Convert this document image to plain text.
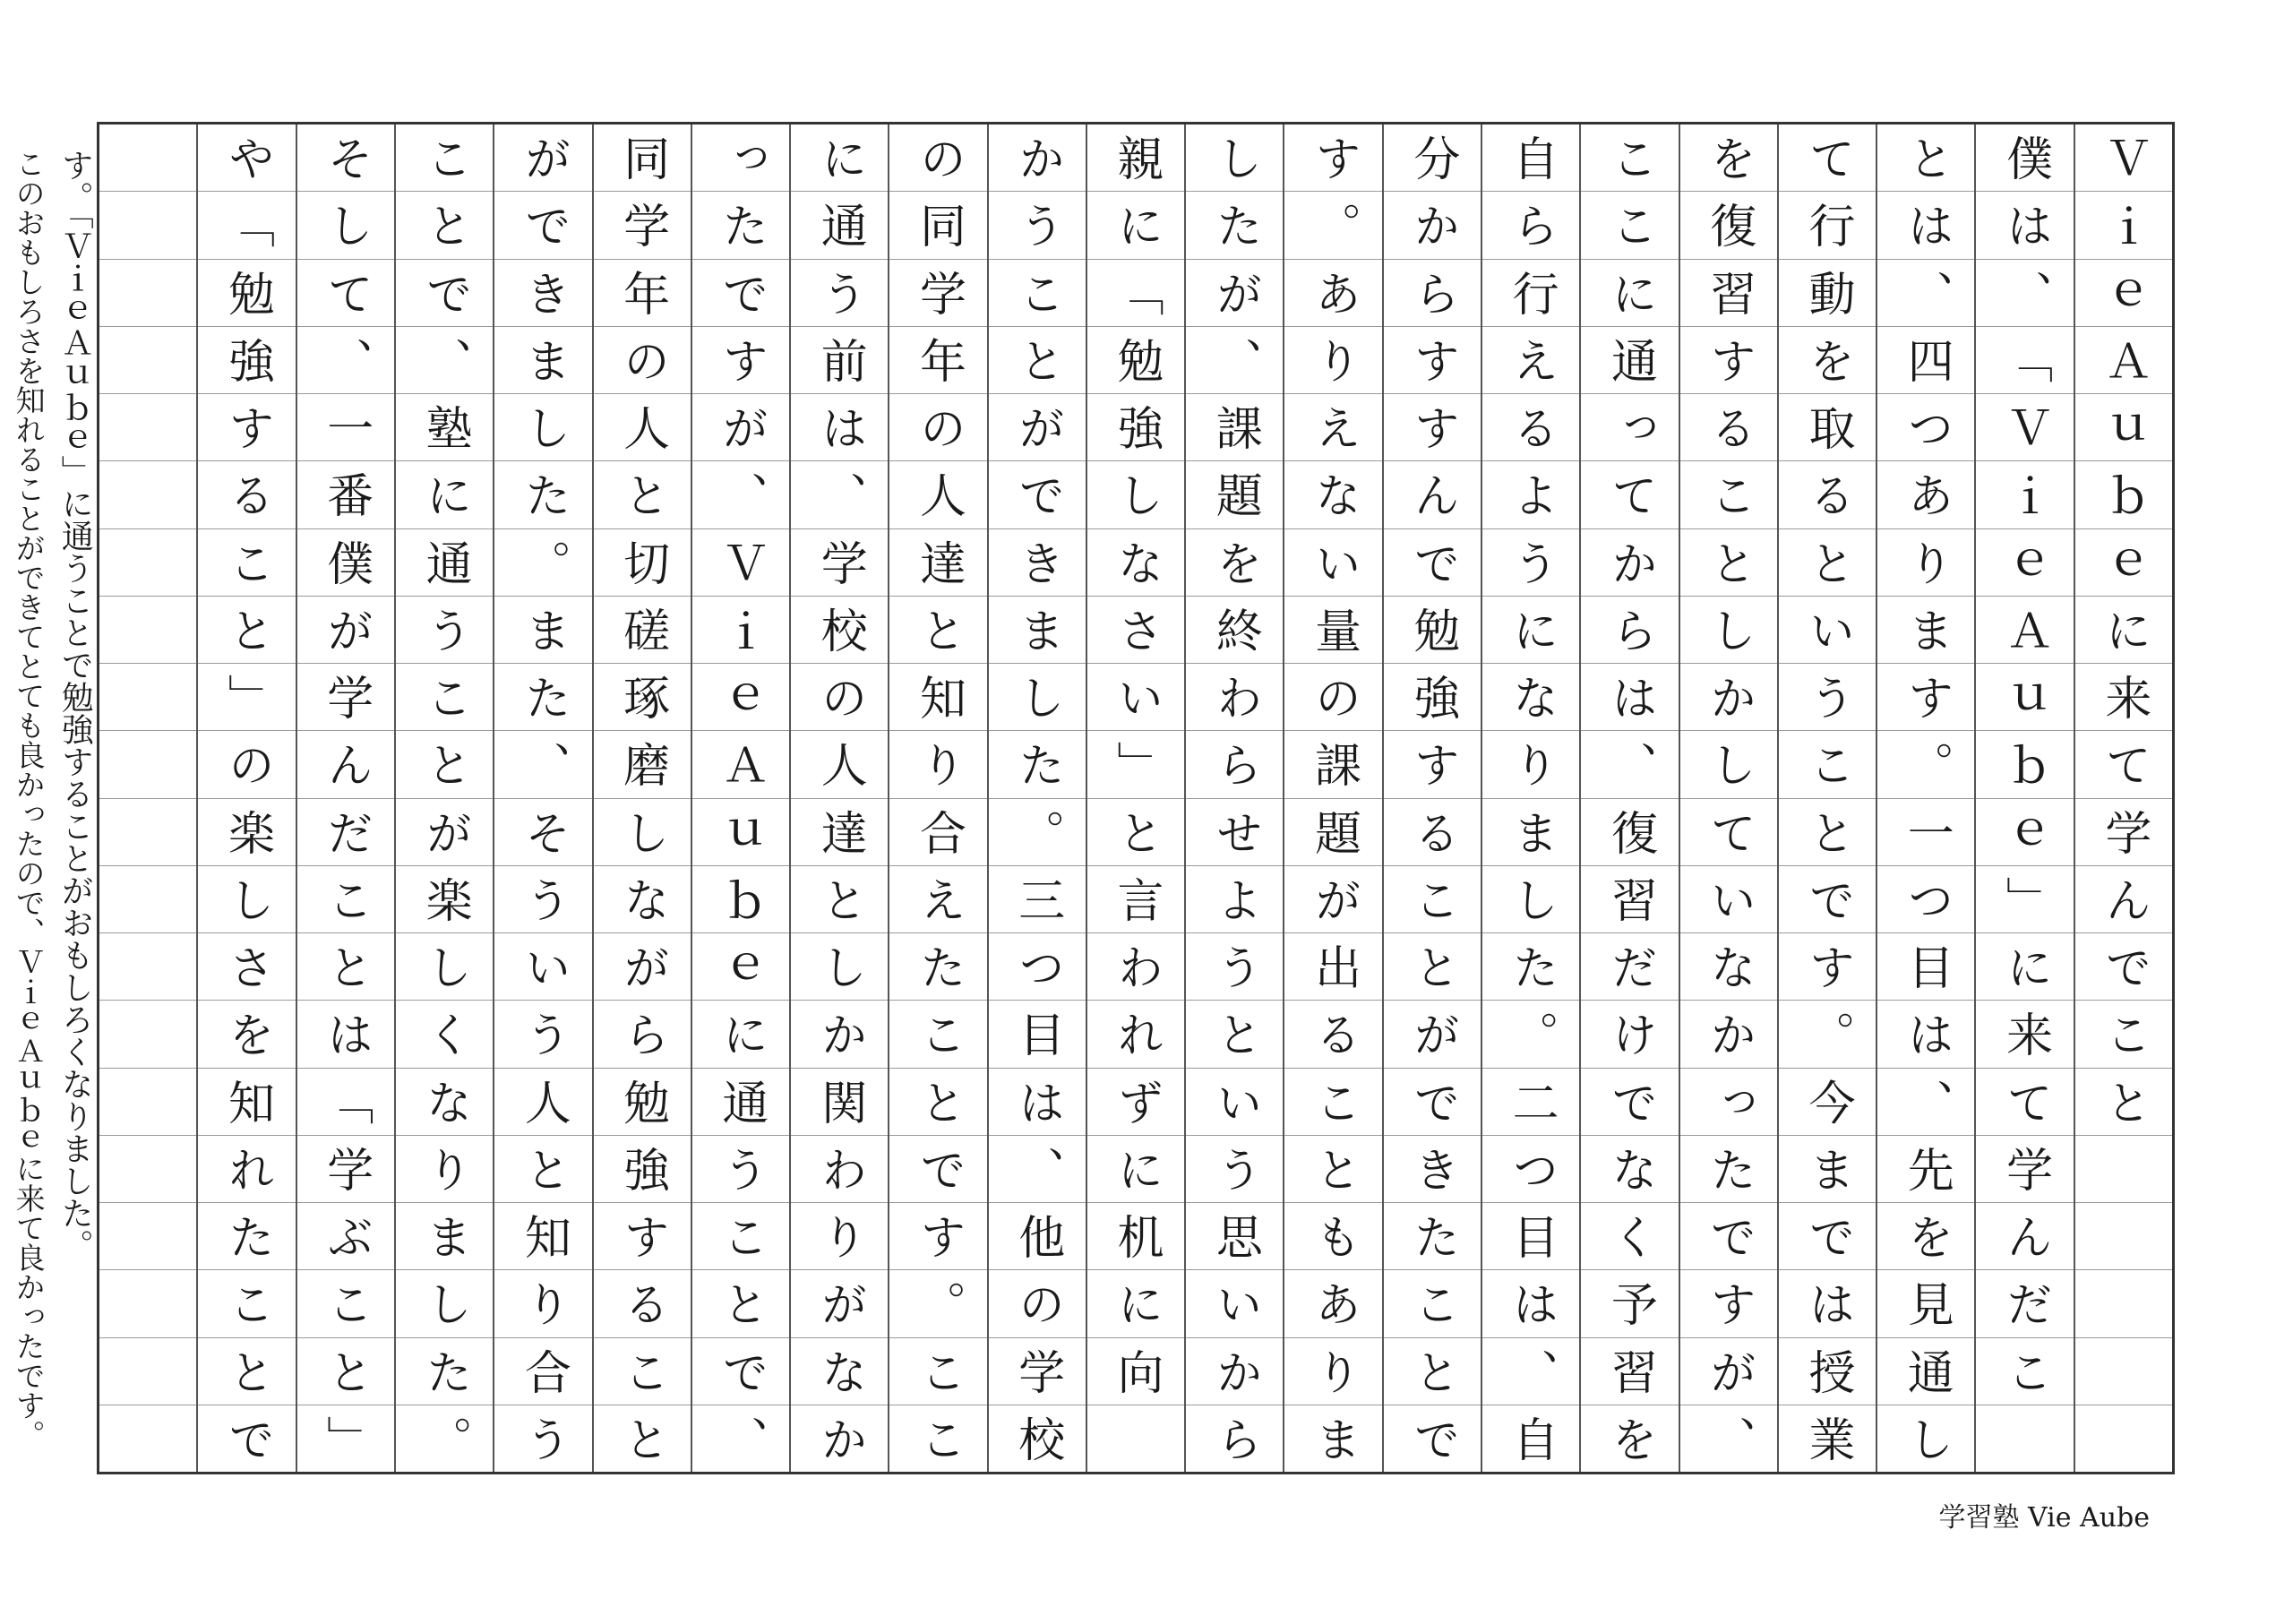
Ｖ
ｉ
ｅ
Ａ
ｕ
ｂ
ｅ
に
来
て
学
ん
で
こ
と
僕
は
、
「
Ｖ
ｉ
ｅ
Ａ
ｕ
ｂ
ｅ
」
に
来
て
学
ん
だ
こ
と
は
、
四
つ
あ
り
ま
す
。
一
つ
目
は
、
先
を
見
通
し
て
行
動
を
取
る
と
い
う
こ
と
で
す
。
今
ま
で
は
授
業
を
復
習
す
る
こ
と
し
か
し
て
い
な
か
っ
た
で
す
が
、
こ
こ
に
通
っ
て
か
ら
は
、
復
習
だ
け
で
な
く
予
習
を
自
ら
行
え
る
よ
う
に
な
り
ま
し
た
。
二
つ
目
は
、
自
分
か
ら
す
す
ん
で
勉
強
す
る
こ
と
が
で
き
た
こ
と
で
す
。
あ
り
え
な
い
量
の
課
題
が
出
る
こ
と
も
あ
り
ま
し
た
が
、
課
題
を
終
わ
ら
せ
よ
う
と
い
う
思
い
か
ら
親
に
「
勉
強
し
な
さ
い
」
と
言
わ
れ
ず
に
机
に
向
か
う
こ
と
が
で
き
ま
し
た
。
三
つ
目
は
、
他
の
学
校
の
同
学
年
の
人
達
と
知
り
合
え
た
こ
と
で
す
。
こ
こ
に
通
う
前
は
、
学
校
の
人
達
と
し
か
関
わ
り
が
な
か
っ
た
で
す
が
、
Ｖ
ｉ
ｅ
Ａ
ｕ
ｂ
ｅ
に
通
う
こ
と
で
、
同
学
年
の
人
と
切
磋
琢
磨
し
な
が
ら
勉
強
す
る
こ
と
が
で
き
ま
し
た
。
ま
た
、
そ
う
い
う
人
と
知
り
合
う
こ
と
で
、
塾
に
通
う
こ
と
が
楽
し
く
な
り
ま
し
た
。
そ
し
て
、
一
番
僕
が
学
ん
だ
こ
と
は
「
学
ぶ
こ
と
」
や
「
勉
強
す
る
こ
と
」
の
楽
し
さ
を
知
れ
た
こ
と
で
す。「ＶｉｅＡｕｂｅ」に通うことで勉強することがおもしろくなりました。
このおもしろさを知れることができてとても良かったので、ＶｉｅＡｕｂｅに来て良かったです。
学習塾 Vie Aube
